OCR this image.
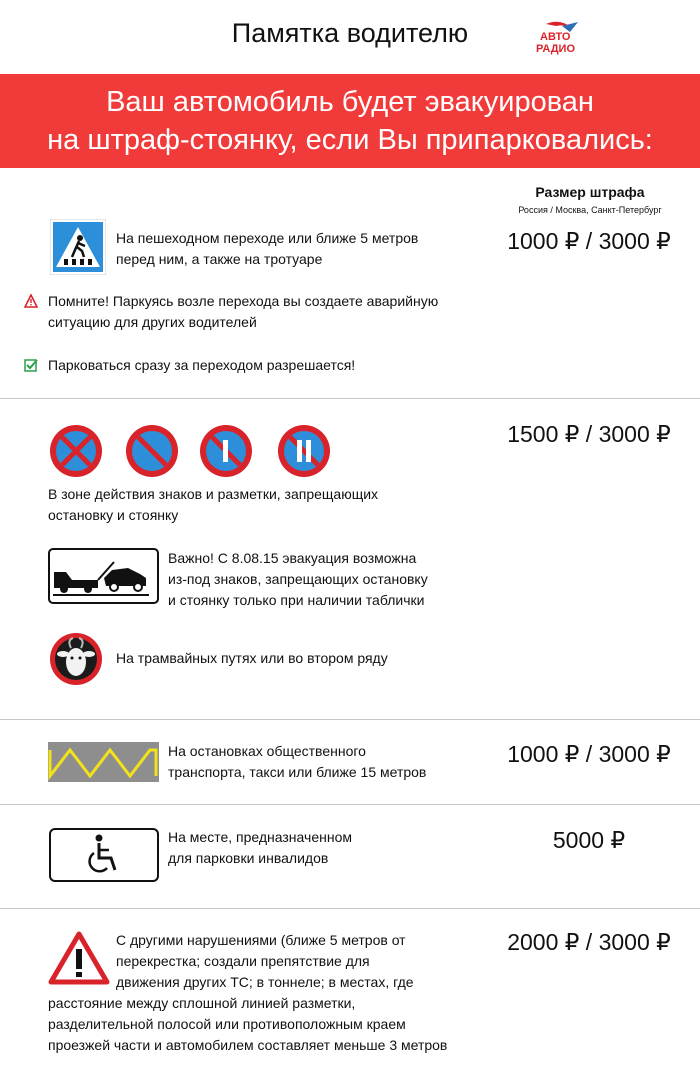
Памятка водителю	АВТО
РАДИО
Ваш автомобиль будет эвакуирован
на штраф-стоянку, если Вы припарковались:
Размер штрафа
Россия / Москва, Санкт-Петербург
На пешеходном переходе или ближе 5 метров
перед ним, а также на тротуаре
1000 ₽ / 3000 ₽
Помните! Паркуясь возле перехода вы создаете аварийную
ситуацию для других водителей
Парковаться сразу за переходом разрешается!
1500 ₽ / 3000 ₽
В зоне действия знаков и разметки, запрещающих
остановку и стоянку
Важно! С 8.08.15 эвакуация возможна
из-под знаков, запрещающих остановку
и стоянку только при наличии таблички
На трамвайных путях или во втором ряду
На остановках общественного
транспорта, такси или ближе 15 метров
1000 ₽ / 3000 ₽
На месте, предназначенном
для парковки инвалидов
5000 ₽
С другими нарушениями (ближе 5 метров от
перекрестка; создали препятствие для
движения других ТС; в тоннеле; в местах, где
расстояние между сплошной линией разметки,
разделительной полосой или противоположным краем
проезжей части и автомобилем составляет меньше 3 метров
2000 ₽ / 3000 ₽
